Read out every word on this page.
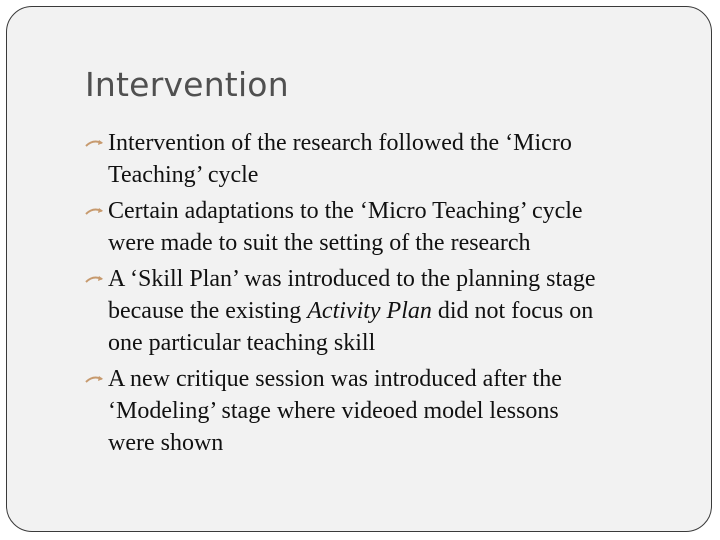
Intervention
Intervention of the research followed the ‘Micro
Teaching’ cycle
Certain adaptations to the ‘Micro Teaching’ cycle
were made to suit the setting of the research
A ‘Skill Plan’ was introduced to the planning stage
because the existing Activity Plan did not focus on
one particular teaching skill
A new critique session was introduced after the
‘Modeling’ stage where videoed model lessons
were shown
